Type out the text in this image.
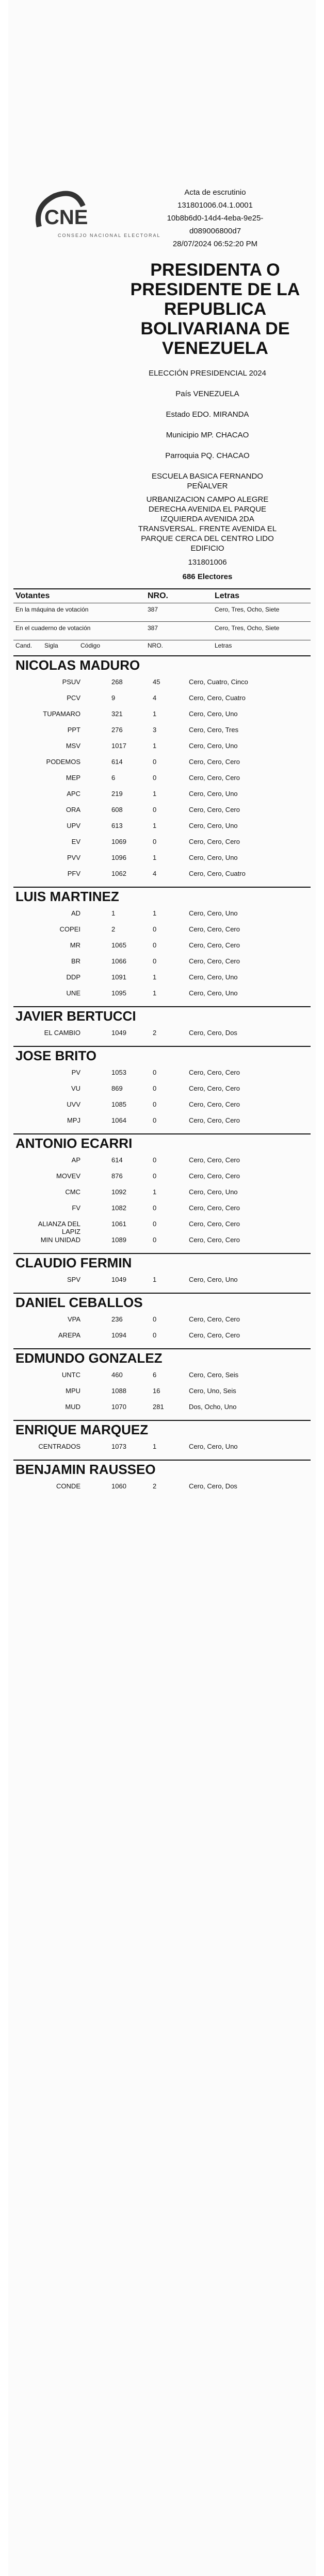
CNE
CONSEJO NACIONAL ELECTORAL
Acta de escrutinio
131801006.04.1.0001
10b8b6d0-14d4-4eba-9e25-
d089006800d7
28/07/2024 06:52:20 PM
PRESIDENTA O
PRESIDENTE DE LA
REPUBLICA
BOLIVARIANA DE
VENEZUELA
ELECCIÓN PRESIDENCIAL 2024
País VENEZUELA
Estado EDO. MIRANDA
Municipio MP. CHACAO
Parroquia PQ. CHACAO
ESCUELA BASICA FERNANDO
PEÑALVER
URBANIZACION CAMPO ALEGRE
DERECHA AVENIDA EL PARQUE
IZQUIERDA AVENIDA 2DA
TRANSVERSAL. FRENTE AVENIDA EL
PARQUE CERCA DEL CENTRO LIDO
EDIFICIO
131801006
686 Electores
Votantes	NRO.	Letras
En la máquina de votación	387	Cero, Tres, Ocho, Siete
En el cuaderno de votación	387	Cero, Tres, Ocho, Siete
Cand. Sigla	Código	NRO.	Letras
NICOLAS MADURO
PSUV	268	45	Cero, Cuatro, Cinco
PCV	9	4	Cero, Cero, Cuatro
TUPAMARO	321	1	Cero, Cero, Uno
PPT	276	3	Cero, Cero, Tres
MSV	1017	1	Cero, Cero, Uno
PODEMOS	614	0	Cero, Cero, Cero
MEP	6	0	Cero, Cero, Cero
APC	219	1	Cero, Cero, Uno
ORA	608	0	Cero, Cero, Cero
UPV	613	1	Cero, Cero, Uno
EV	1069	0	Cero, Cero, Cero
PVV	1096	1	Cero, Cero, Uno
PFV	1062	4	Cero, Cero, Cuatro
LUIS MARTINEZ
AD	1	1	Cero, Cero, Uno
COPEI	2	0	Cero, Cero, Cero
MR	1065	0	Cero, Cero, Cero
BR	1066	0	Cero, Cero, Cero
DDP	1091	1	Cero, Cero, Uno
UNE	1095	1	Cero, Cero, Uno
JAVIER BERTUCCI
EL CAMBIO	1049	2	Cero, Cero, Dos
JOSE BRITO
PV	1053	0	Cero, Cero, Cero
VU	869	0	Cero, Cero, Cero
UVV	1085	0	Cero, Cero, Cero
MPJ	1064	0	Cero, Cero, Cero
ANTONIO ECARRI
AP	614	0	Cero, Cero, Cero
MOVEV	876	0	Cero, Cero, Cero
CMC	1092	1	Cero, Cero, Uno
FV	1082	0	Cero, Cero, Cero
ALIANZA DEL LAPIZ
1061	0	Cero, Cero, Cero
MIN UNIDAD	1089	0	Cero, Cero, Cero
CLAUDIO FERMIN
SPV	1049	1	Cero, Cero, Uno
DANIEL CEBALLOS
VPA	236	0	Cero, Cero, Cero
AREPA	1094	0	Cero, Cero, Cero
EDMUNDO GONZALEZ
UNTC	460	6	Cero, Cero, Seis
MPU	1088	16	Cero, Uno, Seis
MUD	1070	281	Dos, Ocho, Uno
ENRIQUE MARQUEZ
CENTRADOS	1073	1	Cero, Cero, Uno
BENJAMIN RAUSSEO
CONDE	1060	2	Cero, Cero, Dos
